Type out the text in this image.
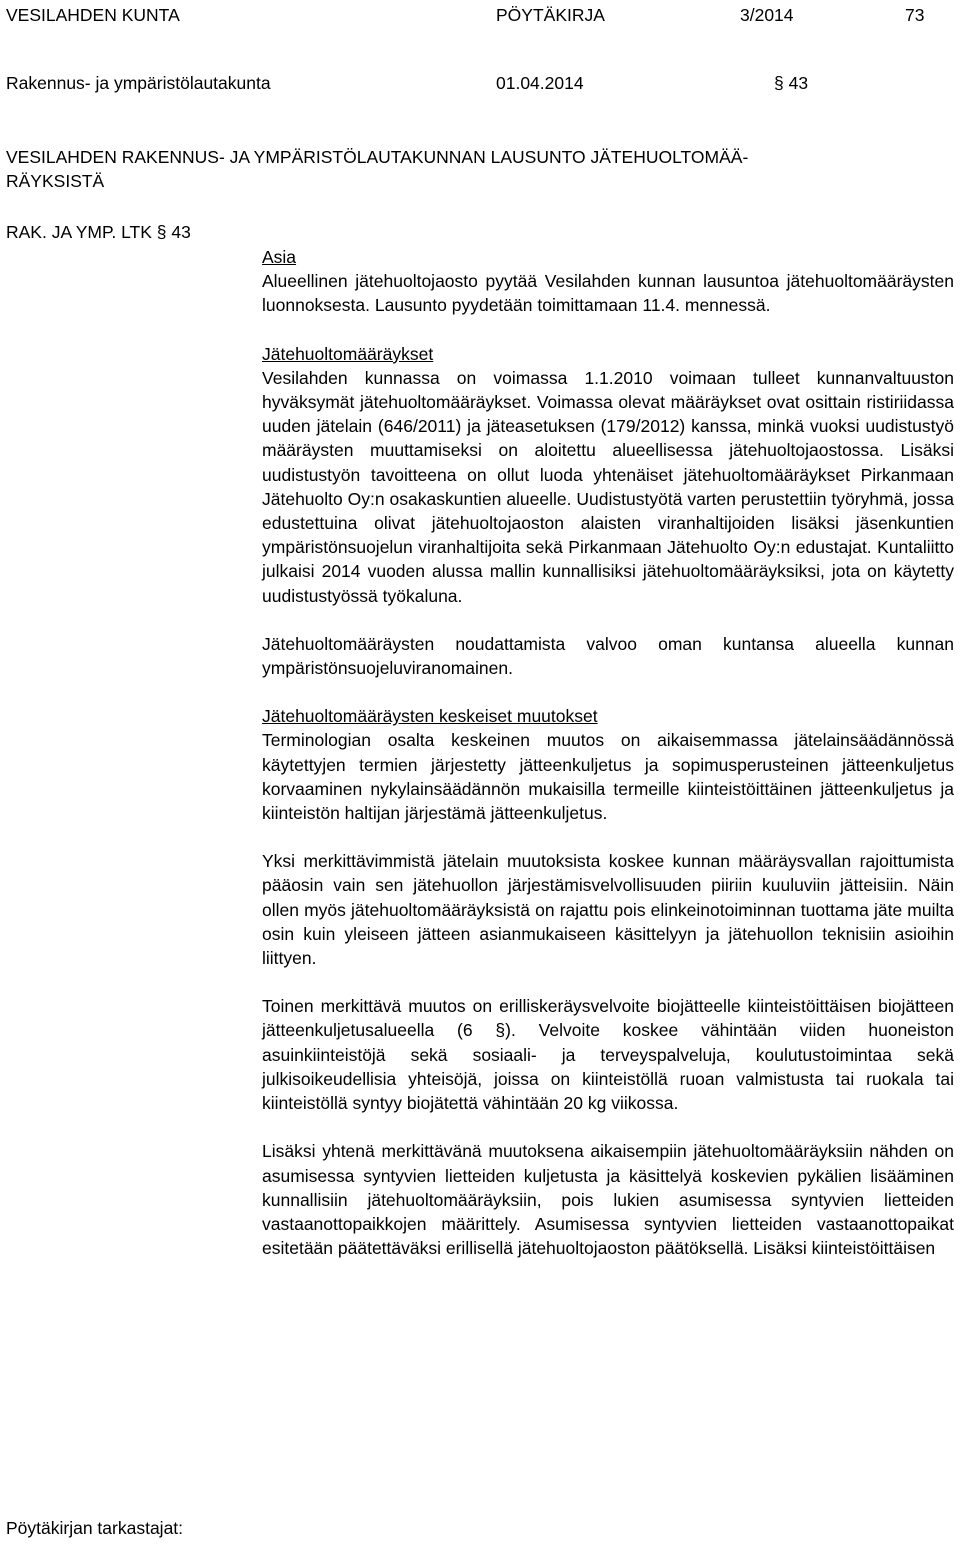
VESILAHDEN KUNTA	PÖYTÄKIRJA	3/2014	73
Rakennus- ja ympäristölautakunta	01.04.2014	§ 43
VESILAHDEN RAKENNUS- JA YMPÄRISTÖLAUTAKUNNAN LAUSUNTO JÄTEHUOLTOMÄÄ-
RÄYKSISTÄ
RAK. JA YMP. LTK § 43
Asia

Alueellinen jätehuoltojaosto pyytää Vesilahden kunnan lausuntoa jätehuoltomääräysten luonnoksesta. Lausunto pyydetään toimittamaan 11.4. mennessä.

Jätehuoltomääräykset

Vesilahden kunnassa on voimassa 1.1.2010 voimaan tulleet kunnanvaltuuston hyväksymät jätehuoltomääräykset. Voimassa olevat määräykset ovat osittain ristiriidassa uuden jätelain (646/2011) ja jäteasetuksen (179/2012) kanssa, minkä vuoksi uudistustyö määräysten muuttamiseksi on aloitettu alueellisessa jätehuoltojaostossa. Lisäksi uudistustyön tavoitteena on ollut luoda yhtenäiset jätehuoltomääräykset Pirkanmaan Jätehuolto Oy:n osakaskuntien alueelle. Uudistustyötä varten perustettiin työryhmä, jossa edustettuina olivat jätehuoltojaoston alaisten viranhaltijoiden lisäksi jäsenkuntien ympäristönsuojelun viranhaltijoita sekä Pirkanmaan Jätehuolto Oy:n edustajat. Kuntaliitto julkaisi 2014 vuoden alussa mallin kunnallisiksi jätehuoltomääräyksiksi, jota on käytetty uudistustyössä työkaluna.

Jätehuoltomääräysten noudattamista valvoo oman kuntansa alueella kunnan ympäristönsuojeluviranomainen.

Jätehuoltomääräysten keskeiset muutokset

Terminologian osalta keskeinen muutos on aikaisemmassa jätelainsäädännössä käytettyjen termien järjestetty jätteenkuljetus ja sopimusperusteinen jätteenkuljetus korvaaminen nykylainsäädännön mukaisilla termeille kiinteistöittäinen jätteenkuljetus ja kiinteistön haltijan järjestämä jätteenkuljetus.

Yksi merkittävimmistä jätelain muutoksista koskee kunnan määräysvallan rajoittumista pääosin vain sen jätehuollon järjestämisvelvollisuuden piiriin kuuluviin jätteisiin. Näin ollen myös jätehuoltomääräyksistä on rajattu pois elinkeinotoiminnan tuottama jäte muilta osin kuin yleiseen jätteen asianmukaiseen käsittelyyn ja jätehuollon teknisiin asioihin liittyen.

Toinen merkittävä muutos on erilliskeräysvelvoite biojätteelle kiinteistöittäisen biojätteen jätteenkuljetusalueella (6 §). Velvoite koskee vähintään viiden huoneiston asuinkiinteistöjä sekä sosiaali- ja terveyspalveluja, koulutustoimintaa sekä julkisoikeudellisia yhteisöjä, joissa on kiinteistöllä ruoan valmistusta tai ruokala tai kiinteistöllä syntyy biojätettä vähintään 20 kg viikossa.

Lisäksi yhtenä merkittävänä muutoksena aikaisempiin jätehuoltomääräyksiin nähden on asumisessa syntyvien lietteiden kuljetusta ja käsittelyä koskevien pykälien lisääminen kunnallisiin jätehuoltomääräyksiin, pois lukien asumisessa syntyvien lietteiden vastaanottopaikkojen määrittely. Asumisessa syntyvien lietteiden vastaanottopaikat esitetään päätettäväksi erillisellä jätehuoltojaoston päätöksellä. Lisäksi kiinteistöittäisen

Pöytäkirjan tarkastajat:
